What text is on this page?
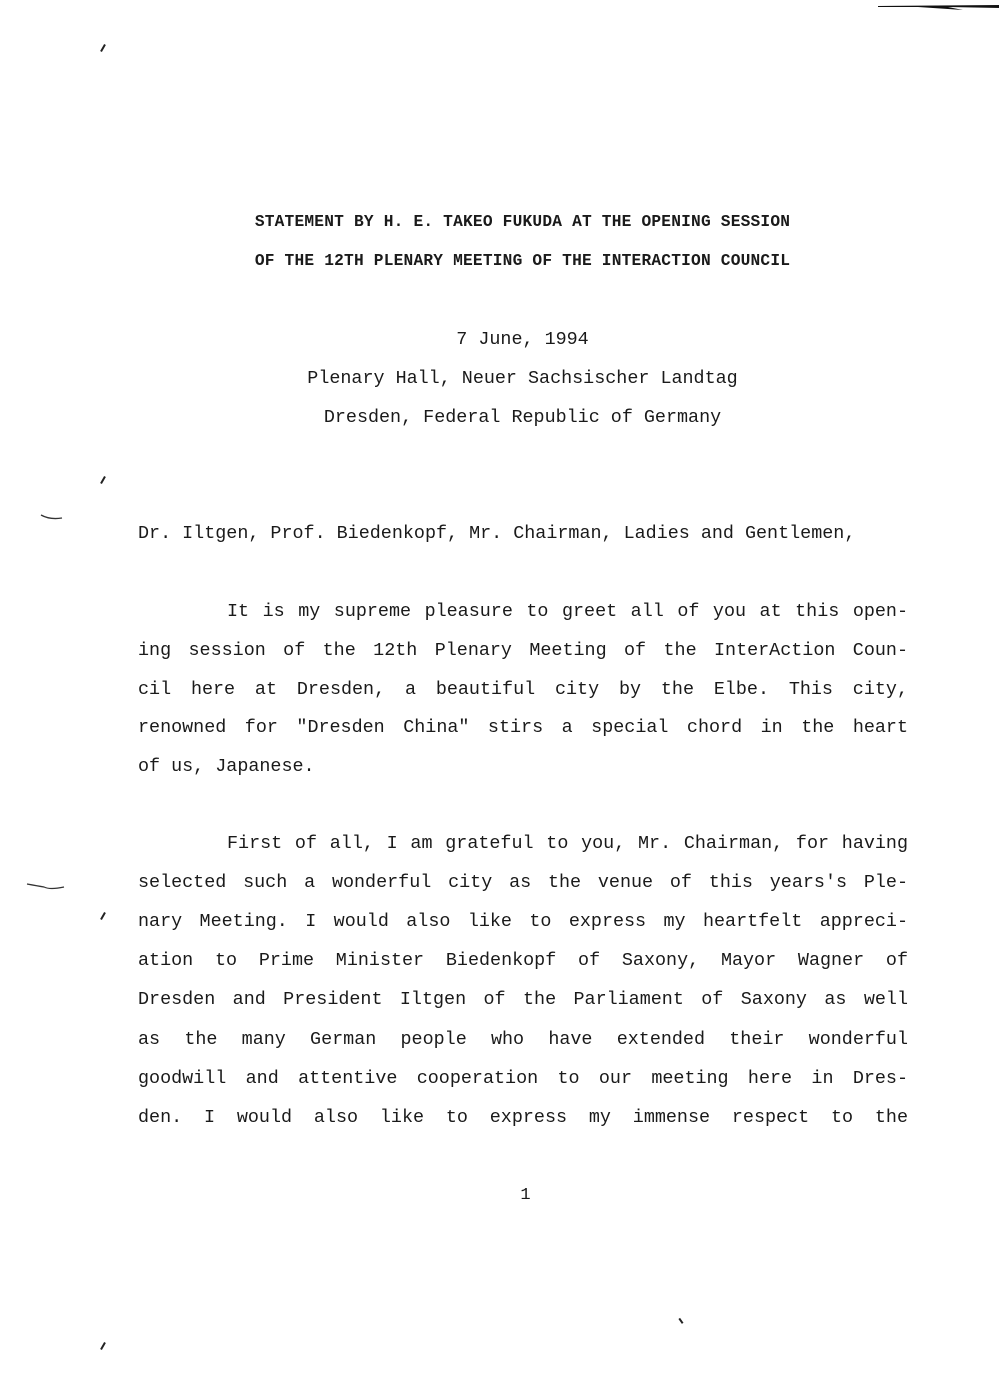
STATEMENT BY H. E. TAKEO FUKUDA AT THE OPENING SESSION
OF THE 12TH PLENARY MEETING OF THE INTERACTION COUNCIL
7 June, 1994
Plenary Hall, Neuer Sachsischer Landtag
Dresden, Federal Republic of Germany
Dr. Iltgen, Prof. Biedenkopf, Mr. Chairman, Ladies and Gentlemen,
It is my supreme pleasure to greet all of you at this open-
ing session of the 12th Plenary Meeting of the InterAction Coun-
cil here at Dresden, a beautiful city by the Elbe. This city,
renowned for "Dresden China" stirs a special chord in the heart
of us, Japanese.
First of all, I am grateful to you, Mr. Chairman, for having
selected such a wonderful city as the venue of this years's Ple-
nary Meeting. I would also like to express my heartfelt appreci-
ation to Prime Minister Biedenkopf of Saxony, Mayor Wagner of
Dresden and President Iltgen of the Parliament of Saxony as well
as the many German people who have extended their wonderful
goodwill and attentive cooperation to our meeting here in Dres-
den. I would also like to express my immense respect to the
1
